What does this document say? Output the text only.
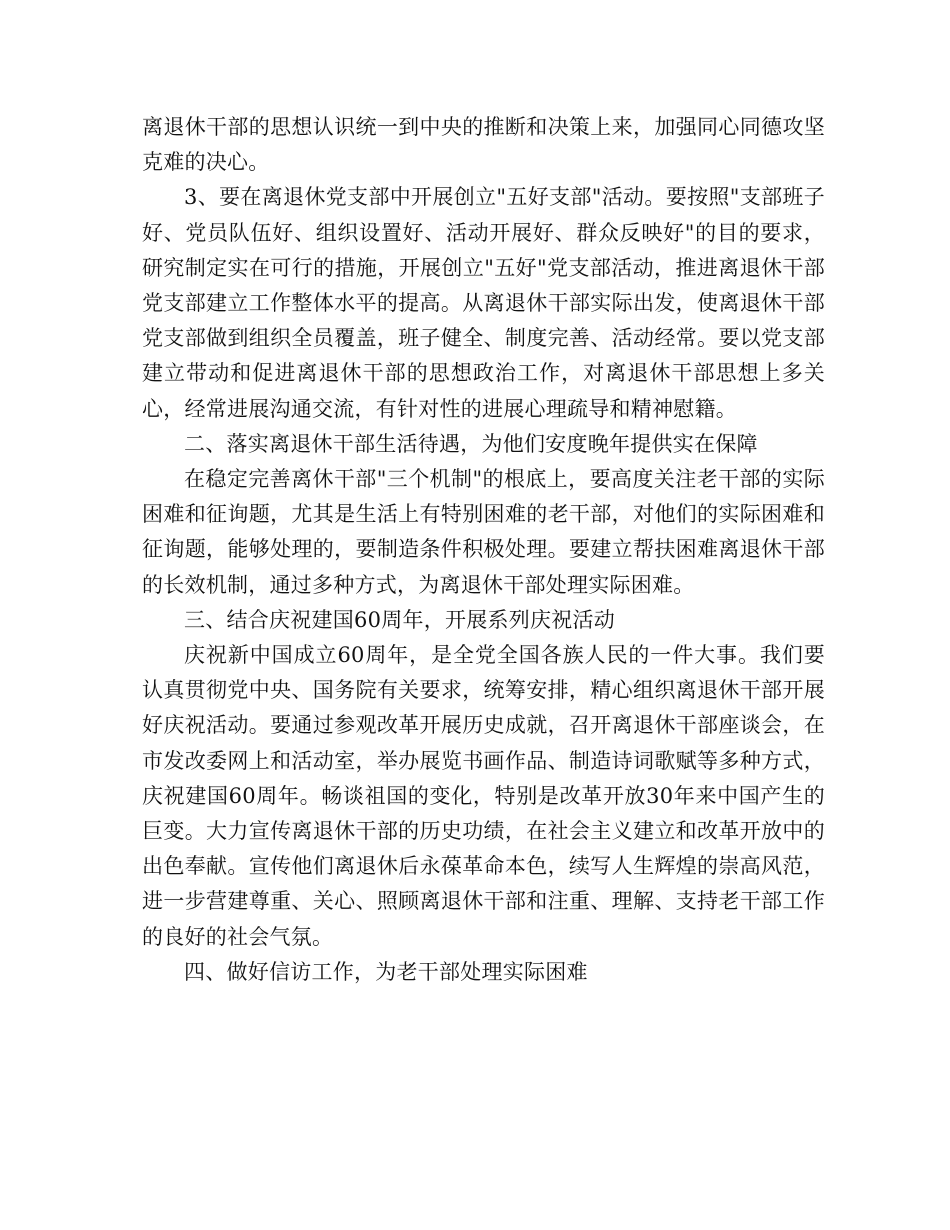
离退休干部的思想认识统一到中央的推断和决策上来，加强同心同德攻坚克难的决心。

3、要在离退休党支部中开展创立"五好支部"活动。要按照"支部班子好、党员队伍好、组织设置好、活动开展好、群众反映好"的目的要求，研究制定实在可行的措施，开展创立"五好"党支部活动，推进离退休干部党支部建立工作整体水平的提高。从离退休干部实际出发，使离退休干部党支部做到组织全员覆盖，班子健全、制度完善、活动经常。要以党支部建立带动和促进离退休干部的思想政治工作，对离退休干部思想上多关心，经常进展沟通交流，有针对性的进展心理疏导和精神慰籍。

二、落实离退休干部生活待遇，为他们安度晚年提供实在保障

在稳定完善离休干部"三个机制"的根底上，要高度关注老干部的实际困难和征询题，尤其是生活上有特别困难的老干部，对他们的实际困难和征询题，能够处理的，要制造条件积极处理。要建立帮扶困难离退休干部的长效机制，通过多种方式，为离退休干部处理实际困难。

三、结合庆祝建国60周年，开展系列庆祝活动

庆祝新中国成立60周年，是全党全国各族人民的一件大事。我们要认真贯彻党中央、国务院有关要求，统筹安排，精心组织离退休干部开展好庆祝活动。要通过参观改革开展历史成就，召开离退休干部座谈会，在市发改委网上和活动室，举办展览书画作品、制造诗词歌赋等多种方式，庆祝建国60周年。畅谈祖国的变化，特别是改革开放30年来中国产生的巨变。大力宣传离退休干部的历史功绩，在社会主义建立和改革开放中的出色奉献。宣传他们离退休后永葆革命本色，续写人生辉煌的崇高风范，进一步营建尊重、关心、照顾离退休干部和注重、理解、支持老干部工作的良好的社会气氛。

四、做好信访工作，为老干部处理实际困难
